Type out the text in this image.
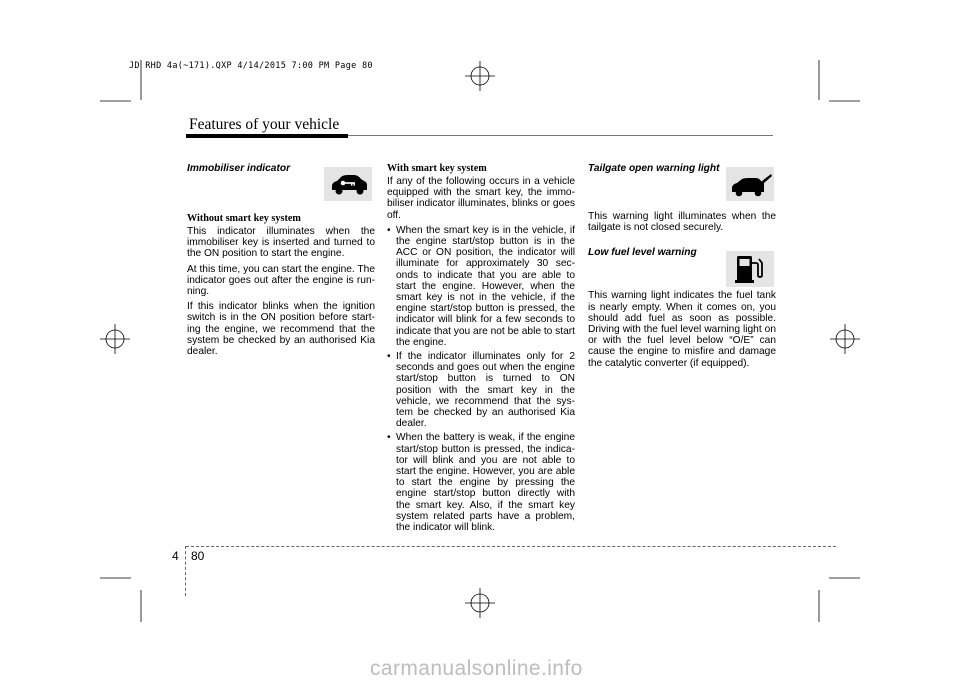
JD RHD 4a(~171).QXP 4/14/2015 7:00 PM Page 80
Features of your vehicle
Immobiliser indicator
Without smart key system

This indicator illuminates when the immobiliser key is inserted and turned to the ON position to start the engine.

At this time, you can start the engine. The indicator goes out after the engine is run-ning.

If this indicator blinks when the ignition switch is in the ON position before start-ing the engine, we recommend that the system be checked by an authorised Kia dealer.

With smart key system

If any of the following occurs in a vehicle equipped with the smart key, the immo-biliser indicator illuminates, blinks or goes off.

• When the smart key is in the vehicle, if the engine start/stop button is in the ACC or ON position, the indicator will illuminate for approximately 30 sec-onds to indicate that you are able to start the engine. However, when the smart key is not in the vehicle, if the engine start/stop button is pressed, the indicator will blink for a few seconds to indicate that you are not be able to start the engine.
• If the indicator illuminates only for 2 seconds and goes out when the engine start/stop button is turned to ON position with the smart key in the vehicle, we recommend that the sys-tem be checked by an authorised Kia dealer.
• When the battery is weak, if the engine start/stop button is pressed, the indica-tor will blink and you are not able to start the engine. However, you are able to start the engine by pressing the engine start/stop button directly with the smart key. Also, if the smart key system related parts have a problem, the indicator will blink.
Tailgate open warning light

This warning light illuminates when the tailgate is not closed securely.

Low fuel level warning

This warning light indicates the fuel tank is nearly empty. When it comes on, you should add fuel as soon as possible. Driving with the fuel level warning light on or with the fuel level below “O/E” can cause the engine to misfire and damage the catalytic converter (if equipped).

4 80
carmanualsonline.info
